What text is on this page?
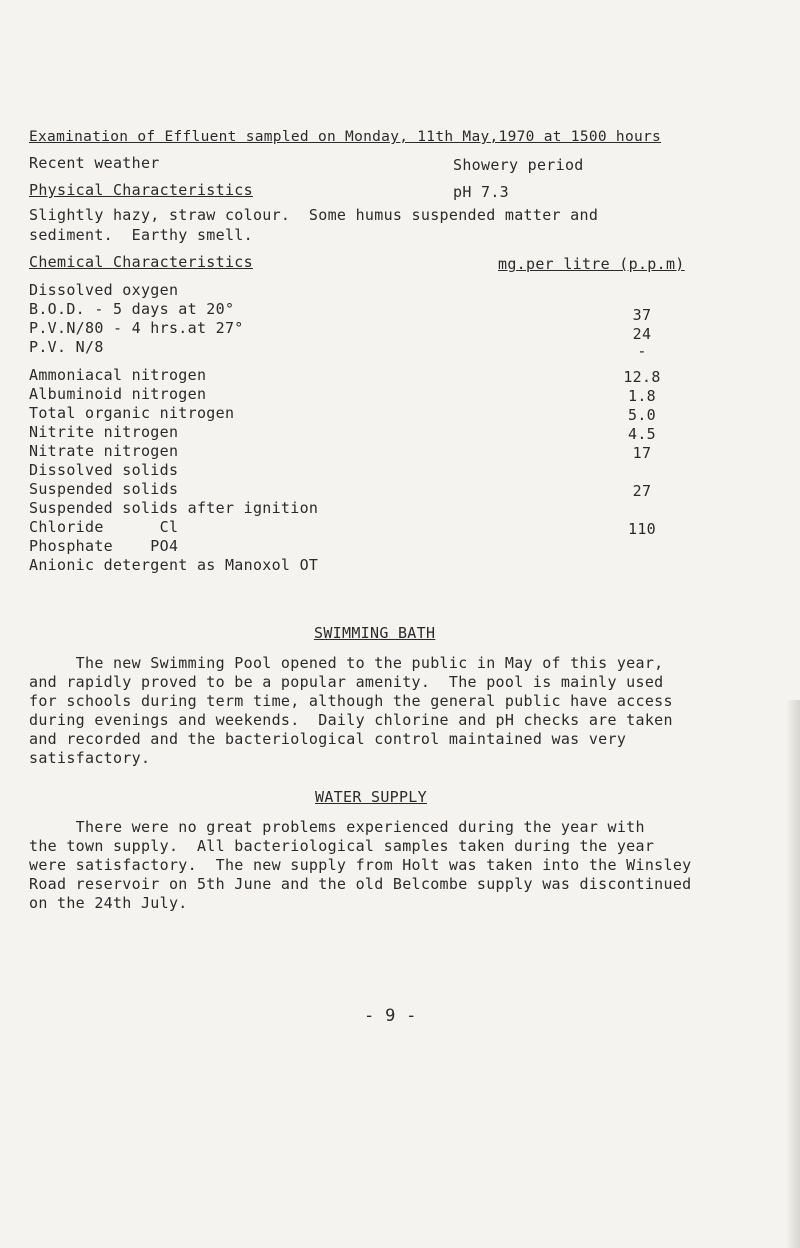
Examination of Effluent sampled on Monday, 11th May,1970 at 1500 hours
Recent weather	Showery period
Physical Characteristics	pH 7.3
Slightly hazy, straw colour.  Some humus suspended matter and
sediment.  Earthy smell.
Chemical Characteristics	mg.per litre (p.p.m)
Dissolved oxygen
B.O.D. - 5 days at 20°	37
P.V.N/80 - 4 hrs.at 27°	24
P.V. N/8	-
Ammoniacal nitrogen	12.8
Albuminoid nitrogen	1.8
Total organic nitrogen	5.0
Nitrite nitrogen	4.5
Nitrate nitrogen	17
Dissolved solids
Suspended solids	27
Suspended solids after ignition
Chloride      Cl	110
Phosphate    PO4
Anionic detergent as Manoxol OT
SWIMMING BATH
The new Swimming Pool opened to the public in May of this year,
and rapidly proved to be a popular amenity.  The pool is mainly used
for schools during term time, although the general public have access
during evenings and weekends.  Daily chlorine and pH checks are taken
and recorded and the bacteriological control maintained was very
satisfactory.
WATER SUPPLY
There were no great problems experienced during the year with
the town supply.  All bacteriological samples taken during the year
were satisfactory.  The new supply from Holt was taken into the Winsley
Road reservoir on 5th June and the old Belcombe supply was discontinued
on the 24th July.
- 9 -
